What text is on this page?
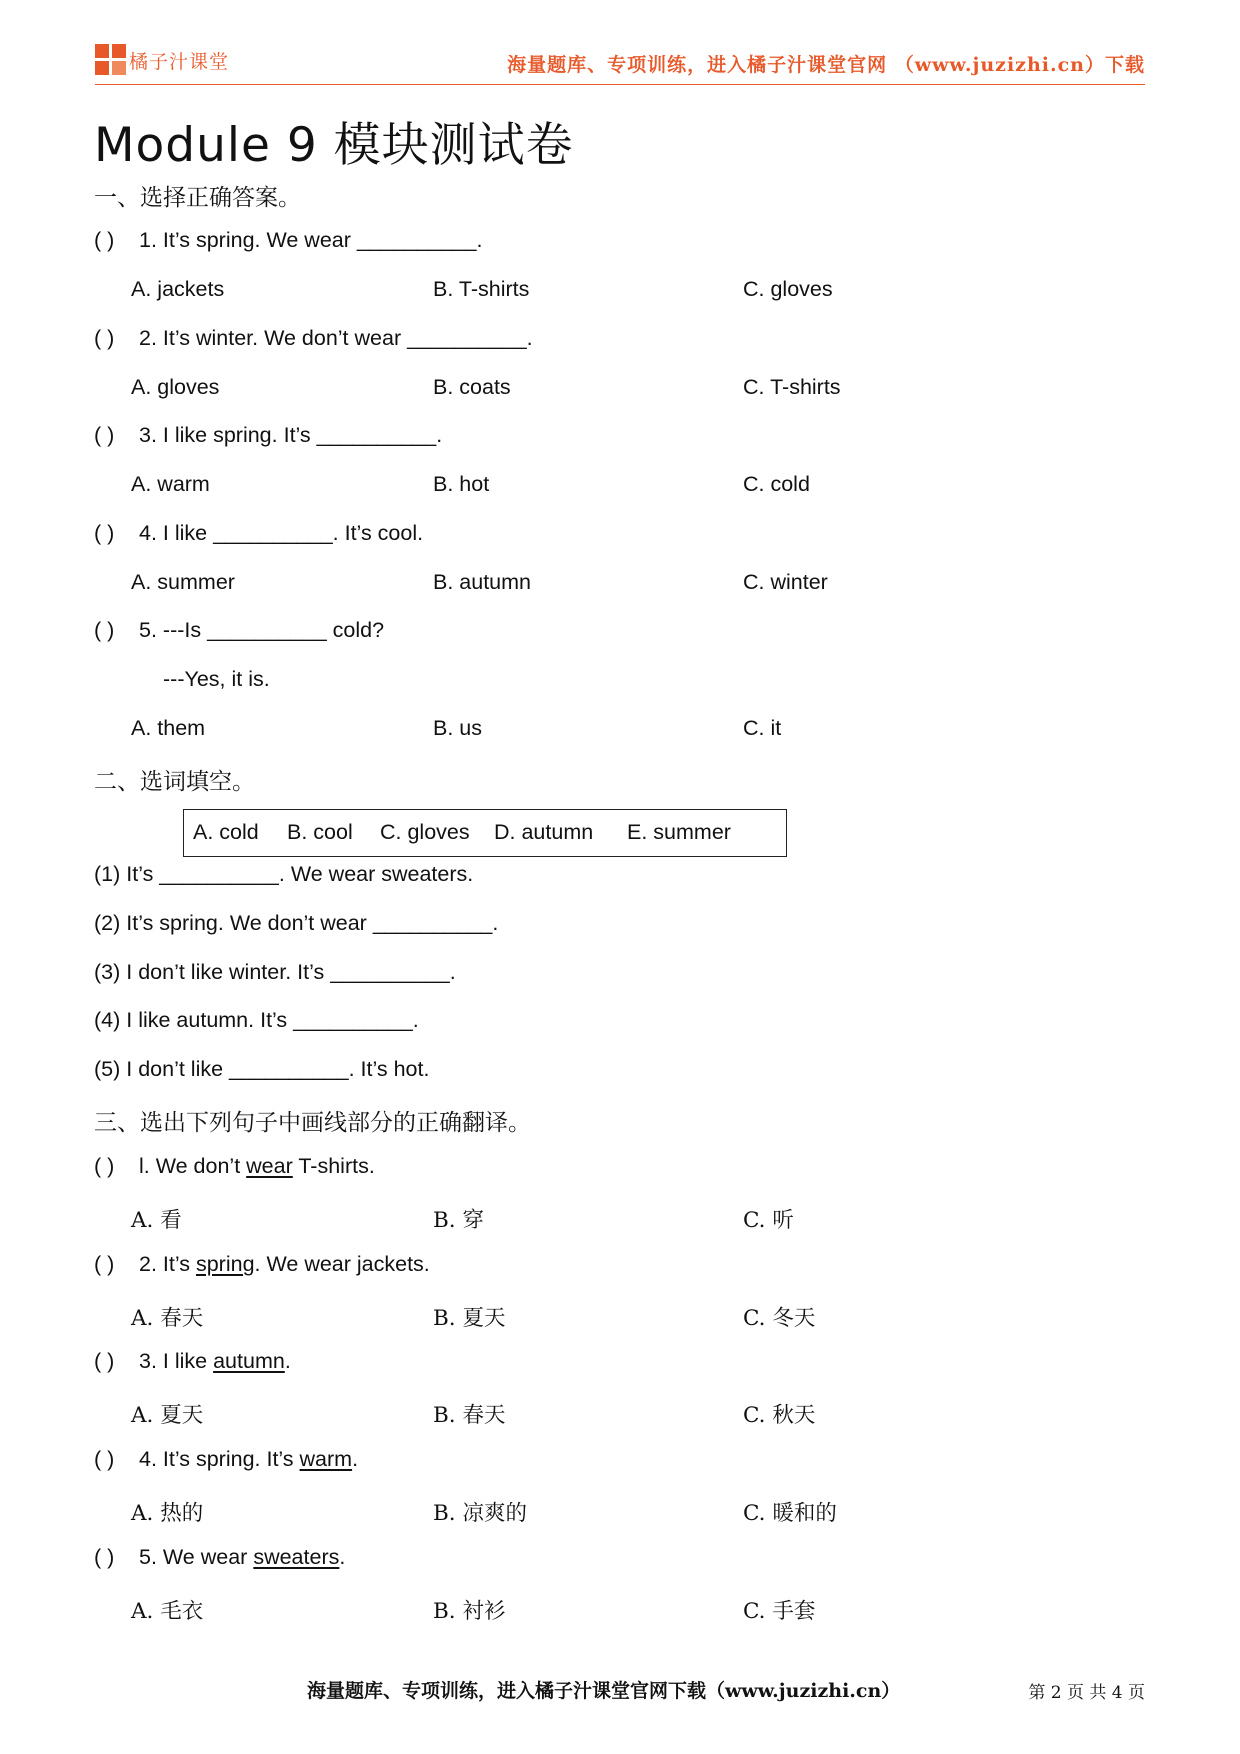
橘子汁课堂	海量题库、专项训练，进入橘子汁课堂官网 （www.juzizhi.cn）下载
Module 9 模块测试卷
一、选择正确答案。
( ) 1. It’s spring. We wear __________.
A. jackets	B. T-shirts	C. gloves
( ) 2. It’s winter. We don’t wear __________.
A. gloves	B. coats	C. T-shirts
( ) 3. I like spring. It’s __________.
A. warm	B. hot	C. cold
( ) 4. I like __________. It’s cool.
A. summer	B. autumn	C. winter
( ) 5. ---Is __________ cold?
---Yes, it is.
A. them	B. us	C. it
二、选词填空。
A. cold B. cool C. gloves D. autumn E. summer
(1) It’s __________. We wear sweaters.
(2) It’s spring. We don’t wear __________.
(3) I don’t like winter. It’s __________.
(4) I like autumn. It’s __________.
(5) I don’t like __________. It’s hot.
三、选出下列句子中画线部分的正确翻译。
( ) l. We don’t wear T-shirts.
A. 看	B. 穿	C. 听
( ) 2. It’s spring. We wear jackets.
A. 春天	B. 夏天	C. 冬天
( ) 3. I like autumn.
A. 夏天	B. 春天	C. 秋天
( ) 4. It’s spring. It’s warm.
A. 热的	B. 凉爽的	C. 暖和的
( ) 5. We wear sweaters.
A. 毛衣	B. 衬衫	C. 手套
海量题库、专项训练，进入橘子汁课堂官网下载（www.juzizhi.cn）	第 2 页 共 4 页
